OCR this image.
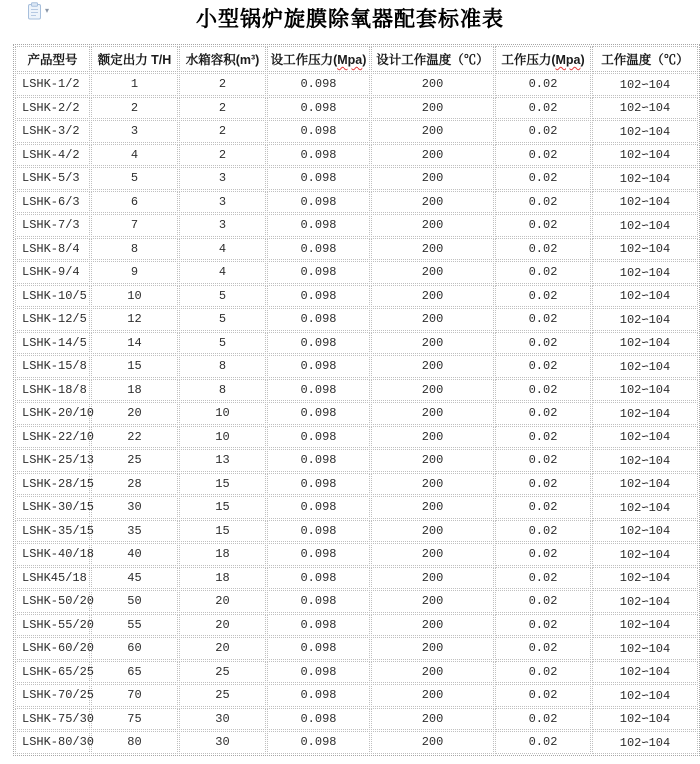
▾	小型锅炉旋膜除氧器配套标准表
产品型号	额定出力 T/H	水箱容积(m³)	设工作压力(Mpa)	设计工作温度（℃）	工作压力(Mpa)	工作温度（℃）
LSHK-1/2	1	2	0.098	200	0.02	102∽104
LSHK-2/2	2	2	0.098	200	0.02	102∽104
LSHK-3/2	3	2	0.098	200	0.02	102∽104
LSHK-4/2	4	2	0.098	200	0.02	102∽104
LSHK-5/3	5	3	0.098	200	0.02	102∽104
LSHK-6/3	6	3	0.098	200	0.02	102∽104
LSHK-7/3	7	3	0.098	200	0.02	102∽104
LSHK-8/4	8	4	0.098	200	0.02	102∽104
LSHK-9/4	9	4	0.098	200	0.02	102∽104
LSHK-10/5	10	5	0.098	200	0.02	102∽104
LSHK-12/5	12	5	0.098	200	0.02	102∽104
LSHK-14/5	14	5	0.098	200	0.02	102∽104
LSHK-15/8	15	8	0.098	200	0.02	102∽104
LSHK-18/8	18	8	0.098	200	0.02	102∽104
LSHK-20/10	20	10	0.098	200	0.02	102∽104
LSHK-22/10	22	10	0.098	200	0.02	102∽104
LSHK-25/13	25	13	0.098	200	0.02	102∽104
LSHK-28/15	28	15	0.098	200	0.02	102∽104
LSHK-30/15	30	15	0.098	200	0.02	102∽104
LSHK-35/15	35	15	0.098	200	0.02	102∽104
LSHK-40/18	40	18	0.098	200	0.02	102∽104
LSHK45/18	45	18	0.098	200	0.02	102∽104
LSHK-50/20	50	20	0.098	200	0.02	102∽104
LSHK-55/20	55	20	0.098	200	0.02	102∽104
LSHK-60/20	60	20	0.098	200	0.02	102∽104
LSHK-65/25	65	25	0.098	200	0.02	102∽104
LSHK-70/25	70	25	0.098	200	0.02	102∽104
LSHK-75/30	75	30	0.098	200	0.02	102∽104
LSHK-80/30	80	30	0.098	200	0.02	102∽104
